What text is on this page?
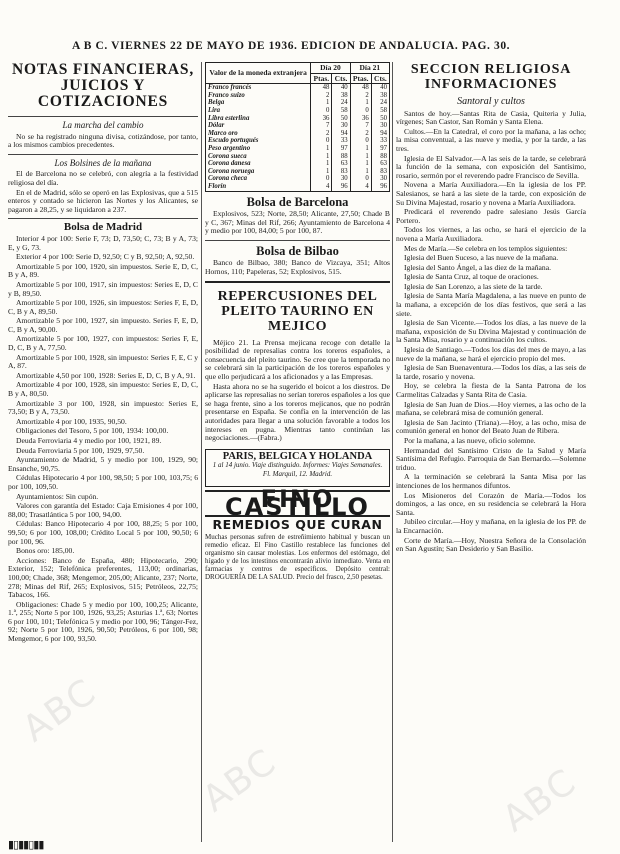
A B C. VIERNES 22 DE MAYO DE 1936. EDICION DE ANDALUCIA. PAG. 30.
NOTAS FINANCIERAS, JUICIOS Y COTIZACIONES
La marcha del cambio
No se ha registrado ninguna divisa, cotizándose, por tanto, a los mismos cambios precedentes.
Los Bolsines de la mañana
El de Barcelona no se celebró, con alegría a la festividad religiosa del día.
En el de Madrid, sólo se operó en las Explosivas, que a 515 enteros y contado se hicieron las Nortes y los Alicantes, se pagaron a 28,25, y se liquidaron a 237.
Bolsa de Madrid
Interior 4 por 100: Serie F, 73; D, 73,50; C, 73; B y A, 73; E, y G, 73.
Exterior 4 por 100: Serie D, 92,50; C y B, 92,50; A, 92,50.
Amortizable 5 por 100, 1920, sin impuestos. Serie E, D, C, B y A, 89.
Amortizable 5 por 100, 1917, sin impuestos: Series E, D, C y B, 89,50.
Amortizable 5 por 100, 1926, sin impuestos: Series F, E, D, C, B y A, 89,50.
Amortizable 5 por 100, 1927, sin impuesto. Series F, E, D, C, B y A, 90,00.
Amortizable 5 por 100, 1927, con impuestos: Series F, E, D, C, B y A, 77,50.
Amortizable 5 por 100, 1928, sin impuesto: Series F, E, C y A, 87.
Amortizable 4,50 por 100, 1928: Series E, D, C, B y A, 91.
Amortizable 4 por 100, 1928, sin impuesto: Series E, D, C, B y A, 80,50.
Amortizable 3 por 100, 1928, sin impuesto: Series E, 73,50; B y A, 73,50.
Amortizable 4 por 100, 1935, 90,50.
Obligaciones del Tesoro, 5 por 100, 1934: 100,00.
Deuda Ferroviaria 4 y medio por 100, 1921, 89.
Deuda Ferroviaria 5 por 100, 1929, 97,50.
Ayuntamiento de Madrid, 5 y medio por 100, 1929, 90; Ensanche, 90,75.
Cédulas Hipotecario 4 por 100, 98,50; 5 por 100, 103,75; 6 por 100, 109,50.
Ayuntamientos: Sin cupón.
Valores con garantía del Estado: Caja Emisiones 4 por 100, 88,00; Trasatlántica 5 por 100, 94,00.
Cédulas: Banco Hipotecario 4 por 100, 88,25; 5 por 100, 99,50; 6 por 100, 108,00; Crédito Local 5 por 100, 90,50; 6 por 100, 96.
Bonos oro: 185,00.
Acciones: Banco de España, 480; Hipotecario, 290; Exterior, 152; Telefónica preferentes, 113,00; ordinarias, 100,00; Chade, 368; Mengemor, 205,00; Alicante, 237; Norte, 278; Minas del Rif, 265; Explosivos, 515; Petróleos, 22,75; Tabacos, 166.
Obligaciones: Chade 5 y medio por 100, 100,25; Alicante, 1.ª, 255; Norte 5 por 100, 1926, 93,25; Asturias 1.ª, 63; Nortes 6 por 100, 101; Telefónica 5 y medio por 100, 96; Tánger-Fez, 92; Norte 5 por 100, 1926, 90,50; Petróleos, 6 por 100, 98; Mengemor, 6 por 100, 93,50.
Valor de la moneda extranjera	Día 20		Día 21	
	Ptas.	Cts.	Ptas.	Cts.
Franco francés	48	40	48	40
Franco suizo	2	38	2	38
Belga	1	24	1	24
Lira	0	58	0	58
Libra esterlina	36	50	36	50
Dólar	7	30	7	30
Marco oro	2	94	2	94
Escudo portugués	0	33	0	33
Peso argentino	1	97	1	97
Corona sueca	1	88	1	88
Corona danesa	1	63	1	63
Corona noruega	1	83	1	83
Corona checa	0	30	0	30
Florín	4	96	4	96
Bolsa de Barcelona
Explosivos, 523; Norte, 28,50; Alicante, 27,50; Chade B y C, 367; Minas del Rif, 266; Ayuntamiento de Barcelona 4 y medio por 100, 84,00; 5 por 100, 87.
Bolsa de Bilbao
Banco de Bilbao, 380; Banco de Vizcaya, 351; Altos Hornos, 110; Papeleras, 52; Explosivos, 515.
REPERCUSIONES DEL PLEITO TAURINO EN MEJICO
Méjico 21. La Prensa mejicana recoge con detalle la posibilidad de represalias contra los toreros españoles, a consecuencia del pleito taurino. Se cree que la temporada no se celebrará sin la participación de los toreros españoles y que ello perjudicará a los aficionados y a las Empresas.
Hasta ahora no se ha sugerido el boicot a los diestros. De aplicarse las represalias no serían toreros españoles a los que se haga frente, sino a los toreros mejicanos, que no podrán presentarse en España. Se confía en la intervención de las autoridades para llegar a una solución favorable a todos los intereses en pugna. Mientras tanto continúan las negociaciones.—(Fabra.)
PARIS, BELGICA Y HOLANDA
1 al 14 junio. Viaje distinguido. Informes: Viajes Semanales. Fl. Marquil, 12. Madrid.
FINO CASTILLO
REMEDIOS QUE CURAN
Muchas personas sufren de estreñimiento habitual y buscan un remedio eficaz. El Fino Castillo restablece las funciones del organismo sin causar molestias. Los enfermos del estómago, del hígado y de los intestinos encontrarán alivio inmediato. Venta en farmacias y centros de específicos. Depósito central: DROGUERÍA DE LA SALUD. Precio del frasco, 2,50 pesetas.
SECCION RELIGIOSA INFORMACIONES
Santoral y cultos
Santos de hoy.—Santas Rita de Casia, Quiteria y Julia, vírgenes; San Castor, San Román y Santa Elena.
Cultos.—En la Catedral, el coro por la mañana, a las ocho; la misa conventual, a las nueve y media, y por la tarde, a las tres.
Iglesia de El Salvador.—A las seis de la tarde, se celebrará la función de la semana, con exposición del Santísimo, rosario, sermón por el reverendo padre Francisco de Sevilla.
Novena a María Auxiliadora.—En la iglesia de los PP. Salesianos, se hará a las siete de la tarde, con exposición de Su Divina Majestad, rosario y novena a María Auxiliadora.
Predicará el reverendo padre salesiano Jesús García Portero.
Todos los viernes, a las ocho, se hará el ejercicio de la novena a María Auxiliadora.
Mes de María.—Se celebra en los templos siguientes:
Iglesia del Buen Suceso, a las nueve de la mañana.
Iglesia del Santo Ángel, a las diez de la mañana.
Iglesia de Santa Cruz, al toque de oraciones.
Iglesia de San Lorenzo, a las siete de la tarde.
Iglesia de Santa María Magdalena, a las nueve en punto de la mañana, a excepción de los días festivos, que será a las siete.
Iglesia de San Vicente.—Todos los días, a las nueve de la mañana, exposición de Su Divina Majestad y continuación de la Santa Misa, rosario y a continuación los cultos.
Iglesia de Santiago.—Todos los días del mes de mayo, a las nueve de la mañana, se hará el ejercicio propio del mes.
Iglesia de San Buenaventura.—Todos los días, a las seis de la tarde, rosario y novena.
Hoy, se celebra la fiesta de la Santa Patrona de los Carmelitas Calzadas y Santa Rita de Casia.
Iglesia de San Juan de Dios.—Hoy viernes, a las ocho de la mañana, se celebrará misa de comunión general.
Iglesia de San Jacinto (Triana).—Hoy, a las ocho, misa de comunión general en honor del Beato Juan de Ribera.
Por la mañana, a las nueve, oficio solemne.
Hermandad del Santísimo Cristo de la Salud y María Santísima del Refugio. Parroquia de San Bernardo.—Solemne triduo.
A la terminación se celebrará la Santa Misa por las intenciones de los hermanos difuntos.
Los Misioneros del Corazón de María.—Todos los domingos, a las once, en su residencia se celebrará la Hora Santa.
Jubileo circular.—Hoy y mañana, en la iglesia de los PP. de la Encarnación.
Corte de María.—Hoy, Nuestra Señora de la Consolación en San Agustín; San Desiderio y San Basilio.
ABC
ABC	ABC
▮▯▮▮▯▮▮
